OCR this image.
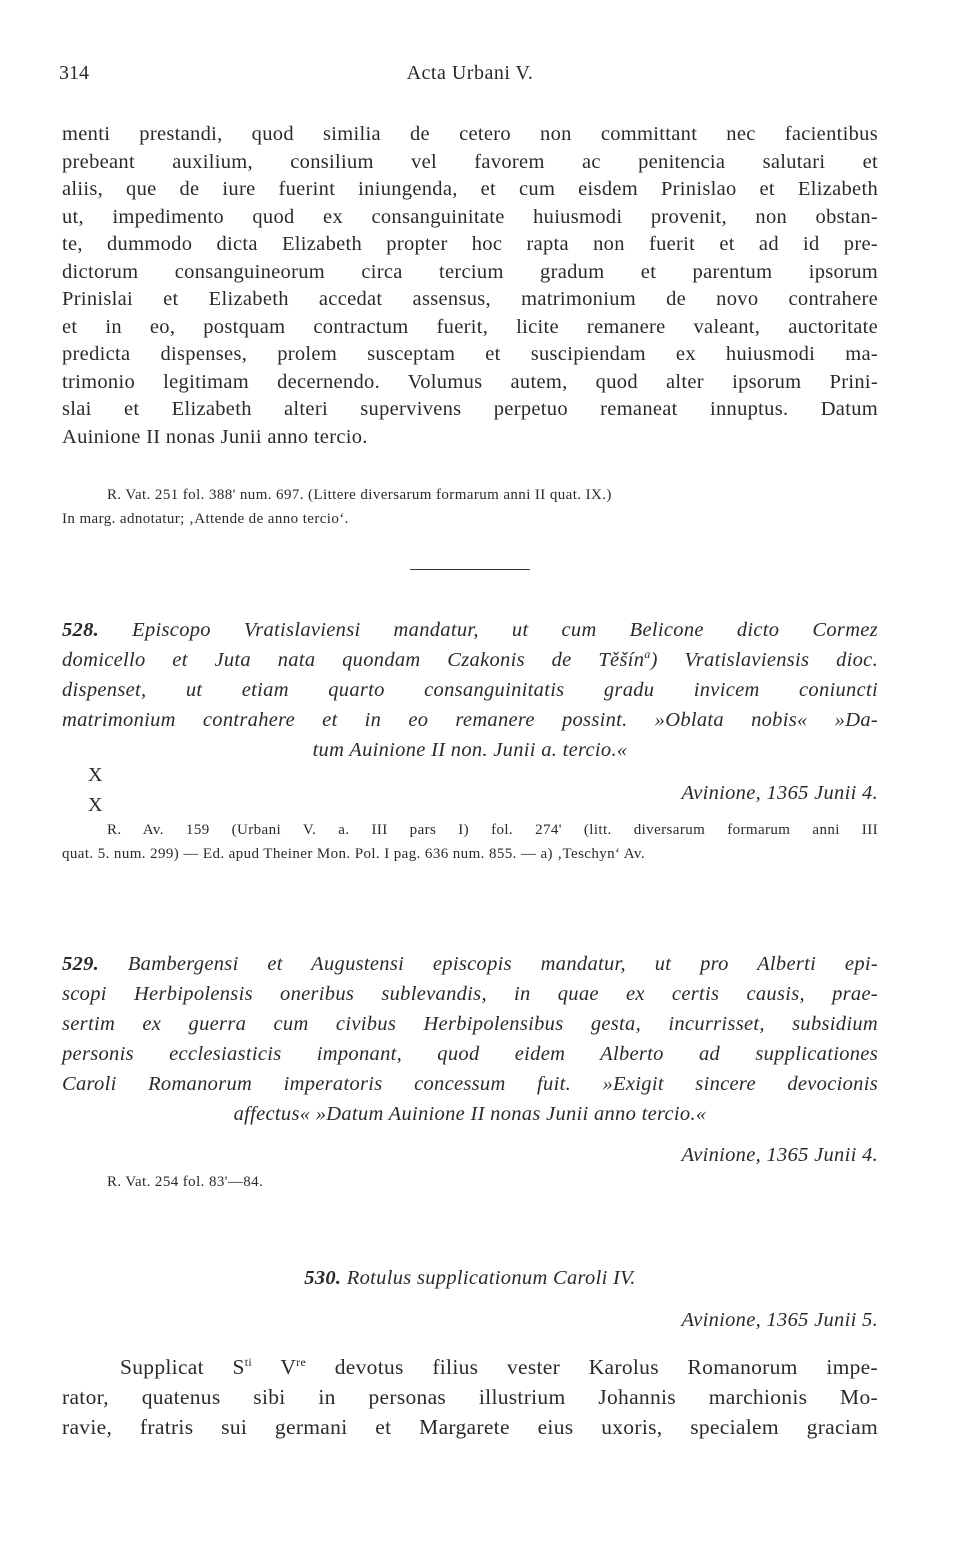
314	Acta Urbani V.
menti prestandi, quod similia de cetero non committant nec facientibus
prebeant auxilium, consilium vel favorem ac penitencia salutari et
aliis, que de iure fuerint iniungenda, et cum eisdem Prinislao et Elizabeth
ut, impedimento quod ex consanguinitate huiusmodi provenit, non obstan-
te, dummodo dicta Elizabeth propter hoc rapta non fuerit et ad id pre-
dictorum consanguineorum circa tercium gradum et parentum ipsorum
Prinislai et Elizabeth accedat assensus, matrimonium de novo contrahere
et in eo, postquam contractum fuerit, licite remanere valeant, auctoritate
predicta dispenses, prolem susceptam et suscipiendam ex huiusmodi ma-
trimonio legitimam decernendo. Volumus autem, quod alter ipsorum Prini-
slai et Elizabeth alteri supervivens perpetuo remaneat innuptus. Datum
Auinione II nonas Junii anno tercio.
R. Vat. 251 fol. 388' num. 697. (Littere diversarum formarum anni II quat. IX.)
In marg. adnotatur; ‚Attende de anno tercio‘.
528. Episcopo Vratislaviensi mandatur, ut cum Belicone dicto Cormez
domicello et Juta nata quondam Czakonis de Těšín$^a$) Vratislaviensis dioc.
dispenset, ut etiam quarto consanguinitatis gradu invicem coniuncti
matrimonium contrahere et in eo remanere possint. »Oblata nobis« »Da-
tum Auinione II non. Junii a. tercio.«
X
X
Avinione, 1365 Junii 4.
R. Av. 159 (Urbani V. a. III pars I) fol. 274' (litt. diversarum formarum anni III
quat. 5. num. 299) — Ed. apud Theiner Mon. Pol. I pag. 636 num. 855. — a) ‚Teschyn‘ Av.
529. Bambergensi et Augustensi episcopis mandatur, ut pro Alberti epi-
scopi Herbipolensis oneribus sublevandis, in quae ex certis causis, prae-
sertim ex guerra cum civibus Herbipolensibus gesta, incurrisset, subsidium
personis ecclesiasticis imponant, quod eidem Alberto ad supplicationes
Caroli Romanorum imperatoris concessum fuit. »Exigit sincere devocionis
affectus« »Datum Auinione II nonas Junii anno tercio.«
Avinione, 1365 Junii 4.
R. Vat. 254 fol. 83'—84.
530. Rotulus supplicationum Caroli IV.
Avinione, 1365 Junii 5.
Supplicat $S^{ti}$ Vre devotus filius vester Karolus Romanorum impe-
rator, quatenus sibi in personas illustrium Johannis marchionis Mo-
ravie, fratris sui germani et Margarete eius uxoris, specialem graciam
